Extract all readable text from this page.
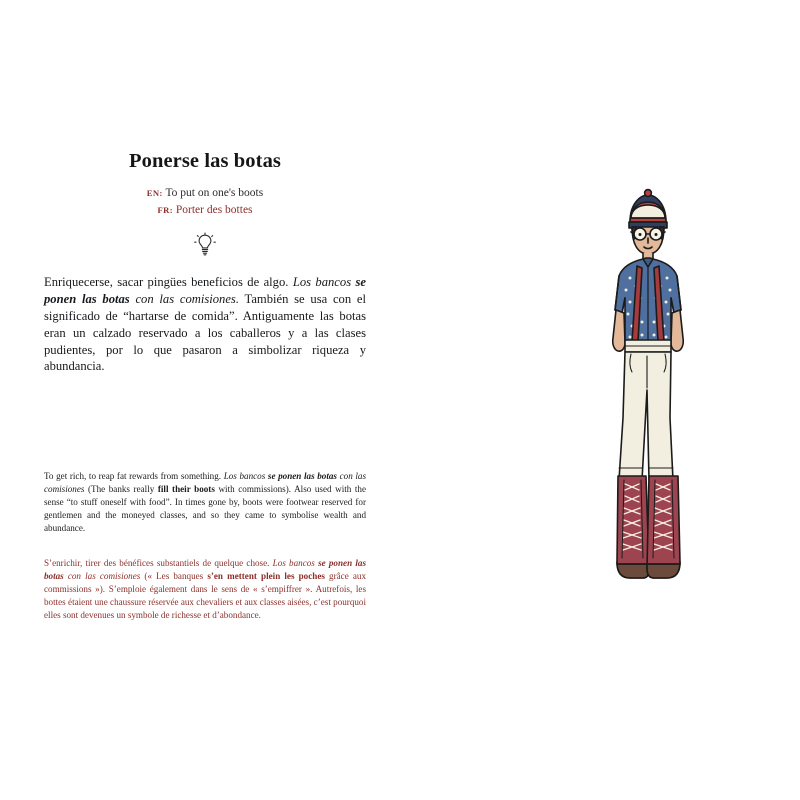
Ponerse las botas
EN: To put on one's boots
FR: Porter des bottes

Enriquecerse, sacar pingües beneficios de algo. Los bancos se ponen las botas con las comisiones. También se usa con el significado de “hartarse de comida”. Antiguamente las botas eran un calzado reservado a los caballeros y a las clases pudientes, por lo que pasaron a simbolizar riqueza y abundancia.

To get rich, to reap fat rewards from something. Los bancos se ponen las botas con las comisiones (The banks really fill their boots with commissions). Also used with the sense “to stuff oneself with food”. In times gone by, boots were footwear reserved for gentlemen and the moneyed classes, and so they came to symbolise wealth and abundance.

S’enrichir, tirer des bénéfices substantiels de quelque chose. Los bancos se ponen las botas con las comisiones (« Les banques s’en mettent plein les poches grâce aux commissions »). S’emploie également dans le sens de « s’empiffrer ». Autrefois, les bottes étaient une chaussure réservée aux chevaliers et aux classes aisées, c’est pourquoi elles sont devenues un symbole de richesse et d’abondance.
